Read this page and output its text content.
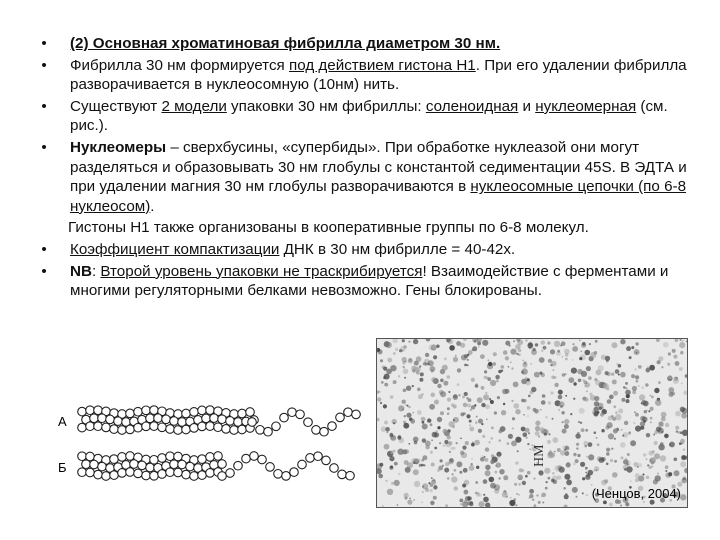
• (2) Основная хроматиновая фибрилла диаметром 30 нм.
• Фибрилла 30 нм формируется под действием гистона Н1. При его удалении фибрилла разворачивается в нуклеосомную (10нм) нить.
• Существуют 2 модели упаковки 30 нм фибриллы: соленоидная и нуклеомерная (см. рис.).
• Нуклеомеры – сверхбусины, «супербиды». При обработке нуклеазой они могут разделяться и образовывать 30 нм глобулы с константой седиментации 45S. В ЭДТА и при удалении магния 30 нм глобулы разворачиваются в нуклеосомные цепочки (по 6-8 нуклеосом).
Гистоны Н1 также организованы в кооперативные группы по 6-8 молекул.
• Коэффициент компактизации ДНК в 30 нм фибрилле = 40-42х.
• NB: Второй уровень упаковки не траскрибируется! Взаимодействие с ферментами и многими регуляторными белками невозможно. Гены блокированы.
А
Б
НМ
(Ченцов, 2004)
